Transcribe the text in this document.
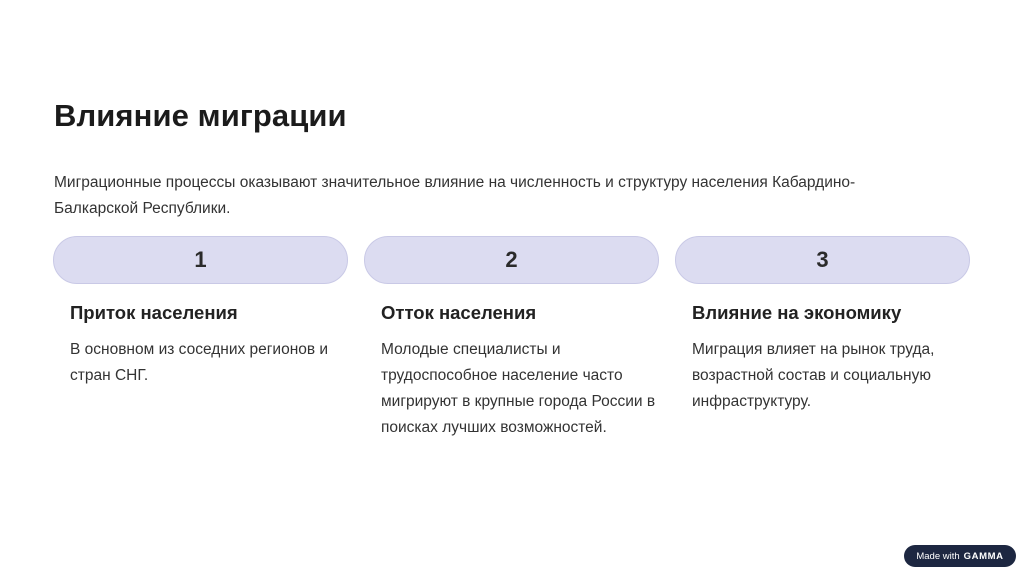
Влияние миграции

Миграционные процессы оказывают значительное влияние на численность и структуру населения Кабардино-Балкарской Республики.

1
Приток населения
В основном из соседних регионов и стран СНГ.
2
Отток населения
Молодые специалисты и трудоспособное население часто мигрируют в крупные города России в поисках лучших возможностей.
3
Влияние на экономику
Миграция влияет на рынок труда, возрастной состав и социальную инфраструктуру.
Made with GAMMA
